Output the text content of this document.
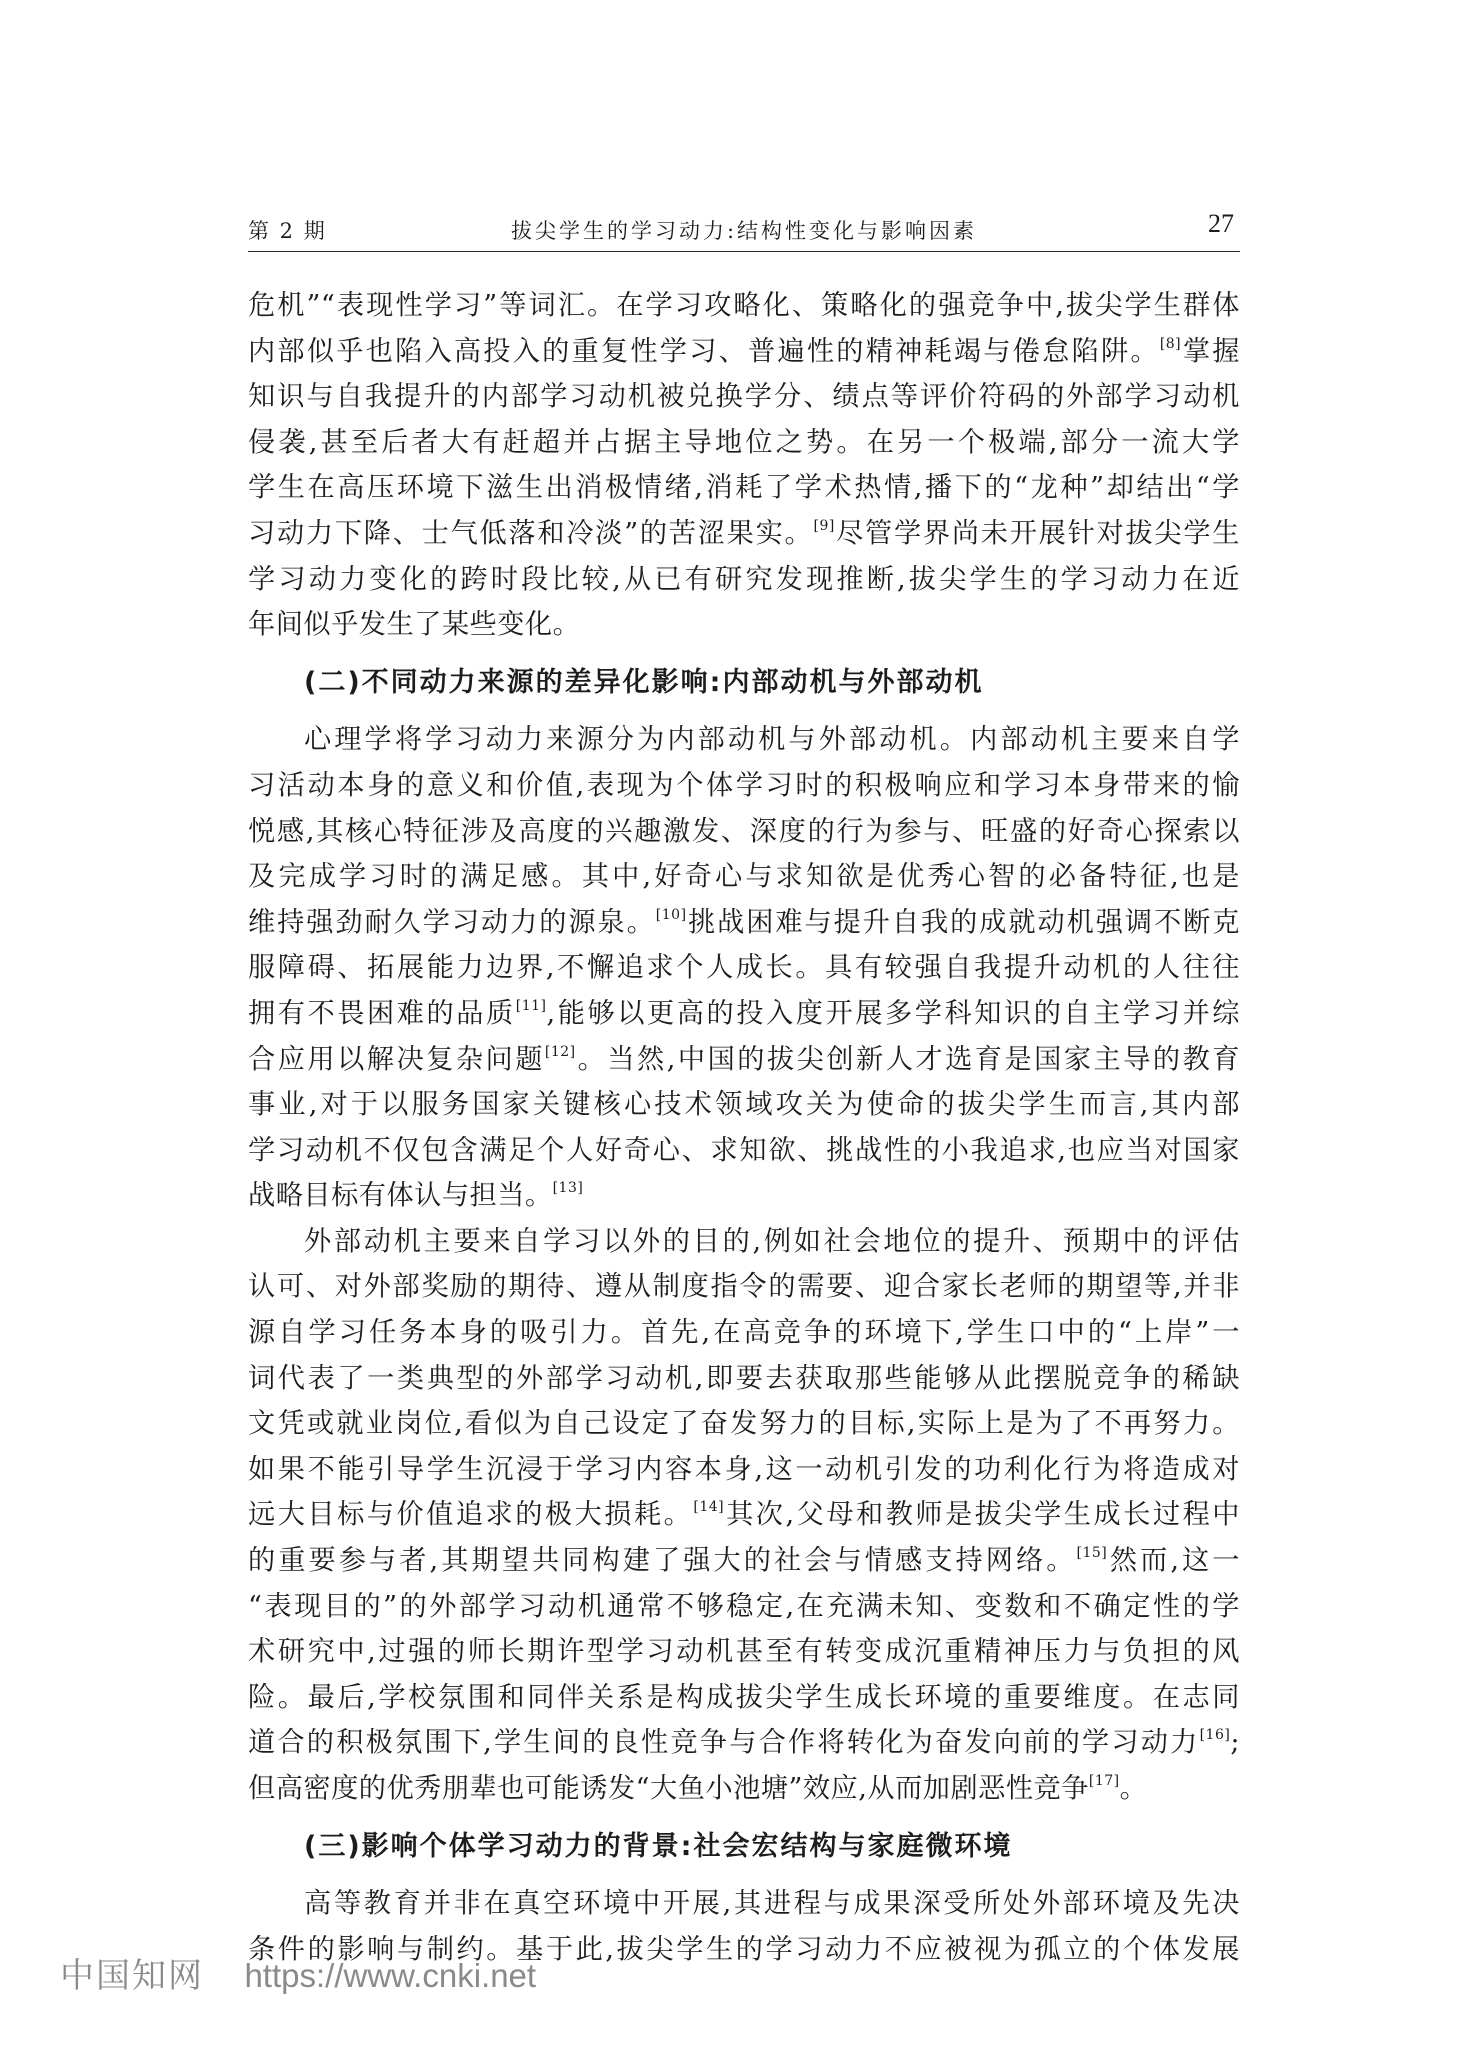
第 2 期	拔尖学生的学习动力:结构性变化与影响因素	27

危机”“表现性学习”等词汇。在学习攻略化、策略化的强竞争中,拔尖学生群体
内部似乎也陷入高投入的重复性学习、普遍性的精神耗竭与倦怠陷阱。[8]掌握
知识与自我提升的内部学习动机被兑换学分、绩点等评价符码的外部学习动机
侵袭,甚至后者大有赶超并占据主导地位之势。在另一个极端,部分一流大学
学生在高压环境下滋生出消极情绪,消耗了学术热情,播下的“龙种”却结出“学
习动力下降、士气低落和冷淡”的苦涩果实。[9]尽管学界尚未开展针对拔尖学生
学习动力变化的跨时段比较,从已有研究发现推断,拔尖学生的学习动力在近
年间似乎发生了某些变化。

(二)不同动力来源的差异化影响:内部动机与外部动机

心理学将学习动力来源分为内部动机与外部动机。内部动机主要来自学
习活动本身的意义和价值,表现为个体学习时的积极响应和学习本身带来的愉
悦感,其核心特征涉及高度的兴趣激发、深度的行为参与、旺盛的好奇心探索以
及完成学习时的满足感。其中,好奇心与求知欲是优秀心智的必备特征,也是
维持强劲耐久学习动力的源泉。[10]挑战困难与提升自我的成就动机强调不断克
服障碍、拓展能力边界,不懈追求个人成长。具有较强自我提升动机的人往往
拥有不畏困难的品质[11],能够以更高的投入度开展多学科知识的自主学习并综
合应用以解决复杂问题[12]。当然,中国的拔尖创新人才选育是国家主导的教育
事业,对于以服务国家关键核心技术领域攻关为使命的拔尖学生而言,其内部
学习动机不仅包含满足个人好奇心、求知欲、挑战性的小我追求,也应当对国家
战略目标有体认与担当。[13]

外部动机主要来自学习以外的目的,例如社会地位的提升、预期中的评估
认可、对外部奖励的期待、遵从制度指令的需要、迎合家长老师的期望等,并非
源自学习任务本身的吸引力。首先,在高竞争的环境下,学生口中的“上岸”一
词代表了一类典型的外部学习动机,即要去获取那些能够从此摆脱竞争的稀缺
文凭或就业岗位,看似为自己设定了奋发努力的目标,实际上是为了不再努力。
如果不能引导学生沉浸于学习内容本身,这一动机引发的功利化行为将造成对
远大目标与价值追求的极大损耗。[14]其次,父母和教师是拔尖学生成长过程中
的重要参与者,其期望共同构建了强大的社会与情感支持网络。[15]然而,这一
“表现目的”的外部学习动机通常不够稳定,在充满未知、变数和不确定性的学
术研究中,过强的师长期许型学习动机甚至有转变成沉重精神压力与负担的风
险。最后,学校氛围和同伴关系是构成拔尖学生成长环境的重要维度。在志同
道合的积极氛围下,学生间的良性竞争与合作将转化为奋发向前的学习动力[16];
但高密度的优秀朋辈也可能诱发“大鱼小池塘”效应,从而加剧恶性竞争[17]。

(三)影响个体学习动力的背景:社会宏结构与家庭微环境

高等教育并非在真空环境中开展,其进程与成果深受所处外部环境及先决
条件的影响与制约。基于此,拔尖学生的学习动力不应被视为孤立的个体发展

中国知网 https://www.cnki.net
